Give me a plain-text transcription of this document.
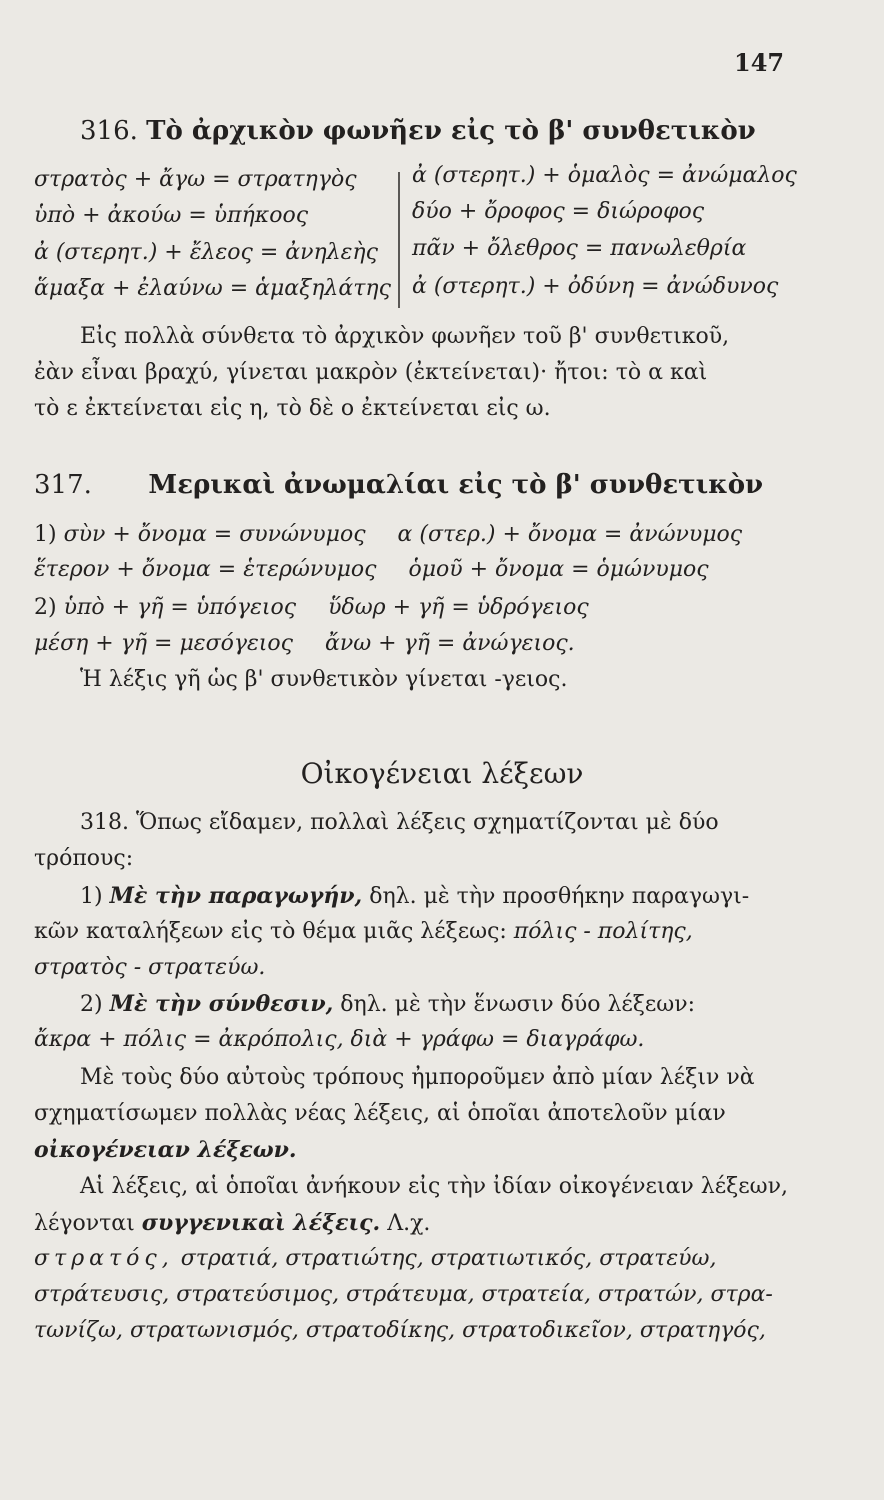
147
316. Τὸ ἀρχικὸν φωνῆεν εἰς τὸ β' συνθετικὸν
στρατὸς + ἄγω = στρατηγὸς
ὑπὸ + ἀκούω = ὑπήκοος
ἀ (στερητ.) + ἔλεος = ἀνηλεὴς
ἅμαξα + ἐλαύνω = ἁμαξηλάτης
ἀ (στερητ.) + ὁμαλὸς = ἀνώμαλος
δύο + ὄροφος = διώροφος
πᾶν + ὄλεθρος = πανωλεθρία
ἀ (στερητ.) + ὀδύνη = ἀνώδυνος
Εἰς πολλὰ σύνθετα τὸ ἀρχικὸν φωνῆεν τοῦ β' συνθετικοῦ,
ἐὰν εἶναι βραχύ, γίνεται μακρὸν (ἐκτείνεται)· ἤτοι: τὸ α καὶ
τὸ ε ἐκτείνεται εἰς η, τὸ δὲ ο ἐκτείνεται εἰς ω.
317. Μερικαὶ ἀνωμαλίαι εἰς τὸ β' συνθετικὸν
1) σὺν + ὄνομα = συνώνυμος α (στερ.) + ὄνομα = ἀνώνυμος
ἕτερον + ὄνομα = ἑτερώνυμος ὁμοῦ + ὄνομα = ὁμώνυμος
2) ὑπὸ + γῆ = ὑπόγειος ὕδωρ + γῆ = ὑδρόγειος
μέση + γῆ = μεσόγειος ἄνω + γῆ = ἀνώγειος.
Ἡ λέξις γῆ ὡς β' συνθετικὸν γίνεται -γειος.
Οἰκογένειαι λέξεων
318. Ὅπως εἴδαμεν, πολλαὶ λέξεις σχηματίζονται μὲ δύο
τρόπους:
1) Μὲ τὴν παραγωγήν, δηλ. μὲ τὴν προσθήκην παραγωγι-
κῶν καταλήξεων εἰς τὸ θέμα μιᾶς λέξεως: πόλις - πολίτης,
στρατὸς - στρατεύω.
2) Μὲ τὴν σύνθεσιν, δηλ. μὲ τὴν ἕνωσιν δύο λέξεων:
ἄκρα + πόλις = ἀκρόπολις, διὰ + γράφω = διαγράφω.
Μὲ τοὺς δύο αὐτοὺς τρόπους ἠμποροῦμεν ἀπὸ μίαν λέξιν νὰ
σχηματίσωμεν πολλὰς νέας λέξεις, αἱ ὁποῖαι ἀποτελοῦν μίαν
οἰκογένειαν λέξεων.
Αἱ λέξεις, αἱ ὁποῖαι ἀνήκουν εἰς τὴν ἰδίαν οἰκογένειαν λέξεων,
λέγονται συγγενικαὶ λέξεις. Λ.χ.
στρατός, στρατιά, στρατιώτης, στρατιωτικός, στρατεύω,
στράτευσις, στρατεύσιμος, στράτευμα, στρατεία, στρατών, στρα-
τωνίζω, στρατωνισμός, στρατοδίκης, στρατοδικεῖον, στρατηγός,
